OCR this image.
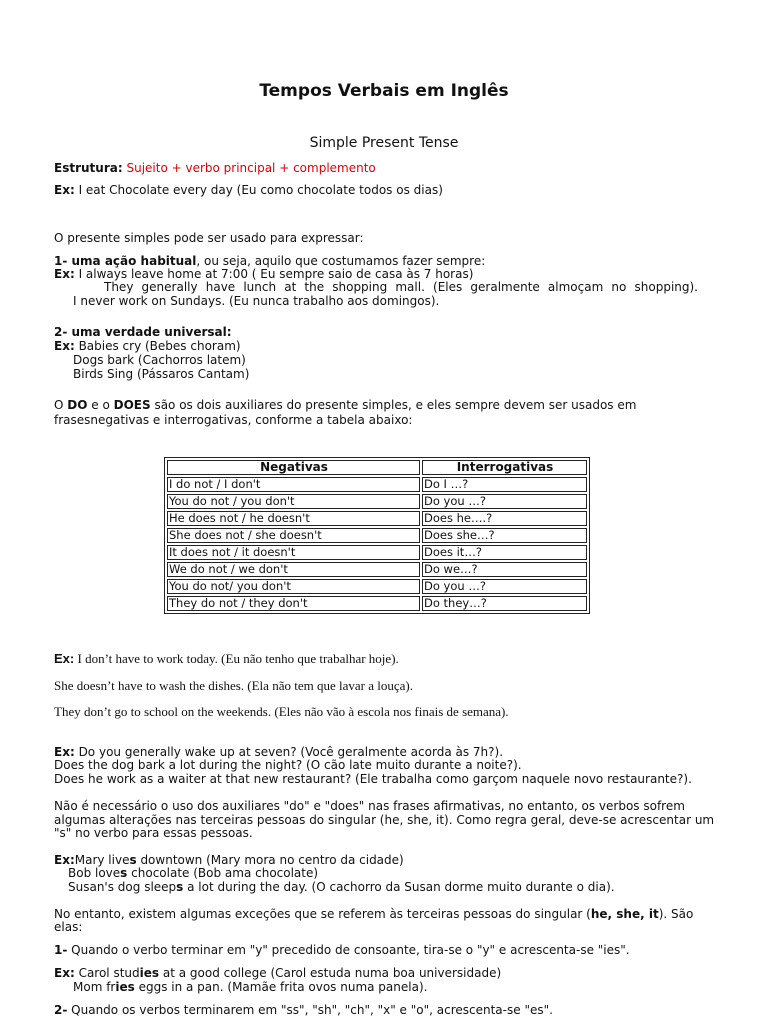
Tempos Verbais em Inglês
Simple Present Tense
Estrutura: Sujeito + verbo principal + complemento
Ex: I eat Chocolate every day (Eu como chocolate todos os dias)
O presente simples pode ser usado para expressar:
1- uma ação habitual, ou seja, aquilo que costumamos fazer sempre:
Ex: I always leave home at 7:00 ( Eu sempre saio de casa às 7 horas)
They generally have lunch at the shopping mall. (Eles geralmente almoçam no shopping).
I never work on Sundays. (Eu nunca trabalho aos domingos).
2- uma verdade universal:
Ex: Babies cry (Bebes choram)
Dogs bark (Cachorros latem)
Birds Sing (Pássaros Cantam)
O DO e o DOES são os dois auxiliares do presente simples, e eles sempre devem ser usados em
frasesnegativas e interrogativas, conforme a tabela abaixo:
Negativas	Interrogativas
I do not / I don't	Do I …?
You do not / you don't	Do you …?
He does not / he doesn't	Does he….?
She does not / she doesn't	Does she…?
It does not / it doesn't	Does it…?
We do not / we don't	Do we…?
You do not/ you don't	Do you …?
They do not / they don't	Do they…?
Ex: I don’t have to work today. (Eu não tenho que trabalhar hoje).
She doesn’t have to wash the dishes. (Ela não tem que lavar a louça).
They don’t go to school on the weekends. (Eles não vão à escola nos finais de semana).
Ex: Do you generally wake up at seven? (Você geralmente acorda às 7h?).
Does the dog bark a lot during the night? (O cão late muito durante a noite?).
Does he work as a waiter at that new restaurant? (Ele trabalha como garçom naquele novo restaurante?).
Não é necessário o uso dos auxiliares "do" e "does" nas frases afirmativas, no entanto, os verbos sofrem
algumas alterações nas terceiras pessoas do singular (he, she, it). Como regra geral, deve-se acrescentar um
"s" no verbo para essas pessoas.
Ex:Mary lives downtown (Mary mora no centro da cidade)
Bob loves chocolate (Bob ama chocolate)
Susan's dog sleeps a lot during the day. (O cachorro da Susan dorme muito durante o dia).
No entanto, existem algumas exceções que se referem às terceiras pessoas do singular (he, she, it). São
elas:
1- Quando o verbo terminar em "y" precedido de consoante, tira-se o "y" e acrescenta-se "ies".
Ex: Carol studies at a good college (Carol estuda numa boa universidade)
Mom fries eggs in a pan. (Mamãe frita ovos numa panela).
2- Quando os verbos terminarem em "ss", "sh", "ch", "x" e "o", acrescenta-se "es".
